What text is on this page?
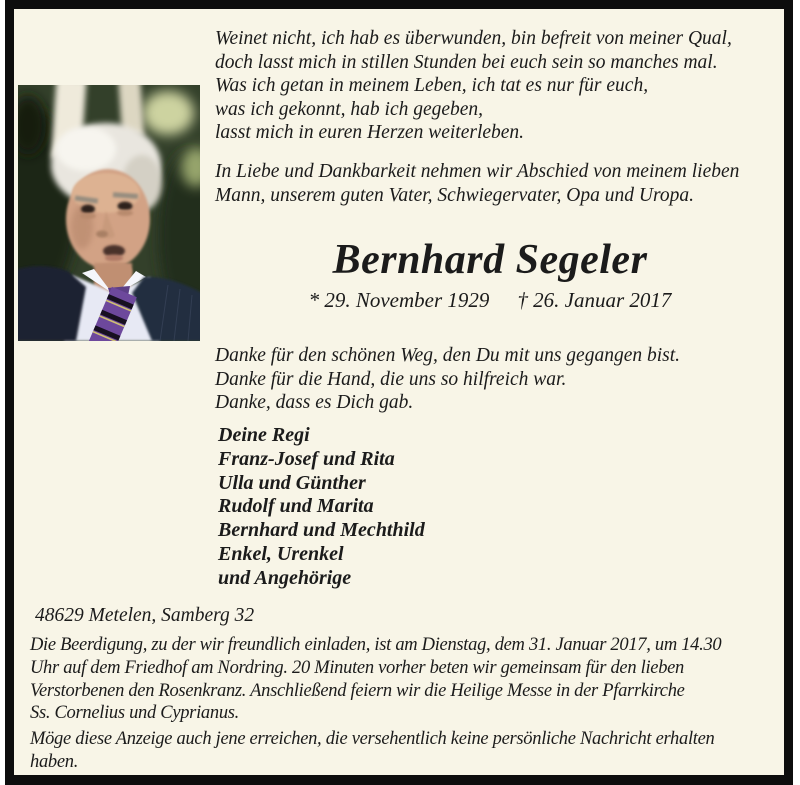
Weinet nicht, ich hab es überwunden, bin befreit von meiner Qual,
doch lasst mich in stillen Stunden bei euch sein so manches mal.
Was ich getan in meinem Leben, ich tat es nur für euch,
was ich gekonnt, hab ich gegeben,
lasst mich in euren Herzen weiterleben.
In Liebe und Dankbarkeit nehmen wir Abschied von meinem lieben
Mann, unserem guten Vater, Schwiegervater, Opa und Uropa.
Bernhard Segeler
* 29. November 1929 † 26. Januar 2017
Danke für den schönen Weg, den Du mit uns gegangen bist.
Danke für die Hand, die uns so hilfreich war.
Danke, dass es Dich gab.
Deine Regi
Franz-Josef und Rita
Ulla und Günther
Rudolf und Marita
Bernhard und Mechthild
Enkel, Urenkel
und Angehörige
48629 Metelen, Samberg 32
Die Beerdigung, zu der wir freundlich einladen, ist am Dienstag, dem 31. Januar 2017, um 14.30
Uhr auf dem Friedhof am Nordring. 20 Minuten vorher beten wir gemeinsam für den lieben
Verstorbenen den Rosenkranz. Anschließend feiern wir die Heilige Messe in der Pfarrkirche
Ss. Cornelius und Cyprianus.
Möge diese Anzeige auch jene erreichen, die versehentlich keine persönliche Nachricht erhalten
haben.
